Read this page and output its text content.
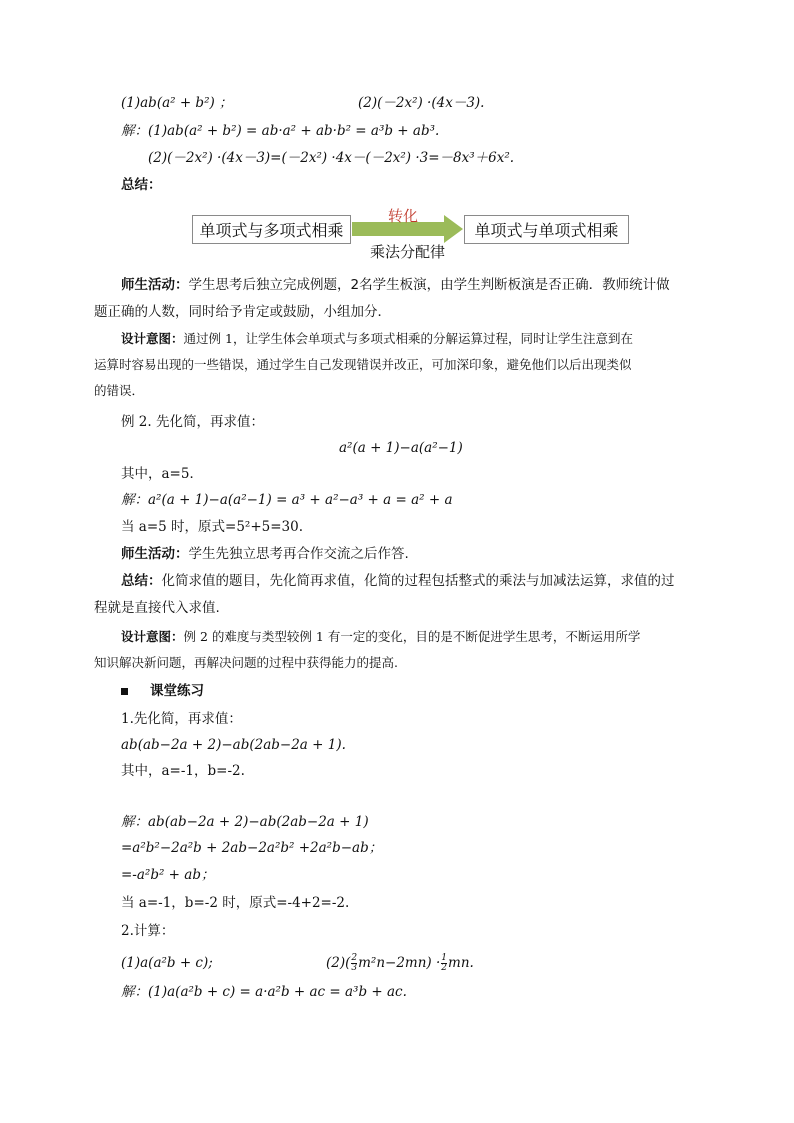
(1)ab(a² + b²) ；	(2)(－2x²) ·(4x－3).
解：(1)ab(a² + b²) = ab·a² + ab·b² = a³b + ab³.
(2)(－2x²) ·(4x－3)=(－2x²) ·4x－(－2x²) ·3=－8x³＋6x².
总结：
单项式与多项式相乘
转化
乘法分配律
单项式与单项式相乘
师生活动：学生思考后独立完成例题，2名学生板演，由学生判断板演是否正确．教师统计做
题正确的人数，同时给予肯定或鼓励，小组加分．
设计意图：通过例 1，让学生体会单项式与多项式相乘的分解运算过程，同时让学生注意到在
运算时容易出现的一些错误，通过学生自己发现错误并改正，可加深印象，避免他们以后出现类似
的错误．
例 2. 先化简，再求值：
a²(a + 1)−a(a²−1)
其中，a=5．
解：a²(a + 1)−a(a²−1) = a³ + a²−a³ + a = a² + a
当 a=5 时，原式=5²+5=30.
师生活动：学生先独立思考再合作交流之后作答.
总结：化简求值的题目，先化简再求值，化简的过程包括整式的乘法与加减法运算，求值的过
程就是直接代入求值.
设计意图：例 2 的难度与类型较例 1 有一定的变化，目的是不断促进学生思考，不断运用所学
知识解决新问题，再解决问题的过程中获得能力的提高.
课堂练习
1.先化简，再求值：
ab(ab−2a + 2)−ab(2ab−2a + 1).
其中，a=-1，b=-2.
解：ab(ab−2a + 2)−ab(2ab−2a + 1)
=a²b²−2a²b + 2ab−2a²b² +2a²b−ab；
=-a²b² + ab；
当 a=-1，b=-2 时，原式=-4+2=-2.
2.计算：
(1)a(a²b + c);	$(2)( \frac{2}{3} m^2n-2mn) \cdot \frac{1}{2}$ mn.
解：(1)a(a²b + c) = a·a²b + ac = a³b + ac.
